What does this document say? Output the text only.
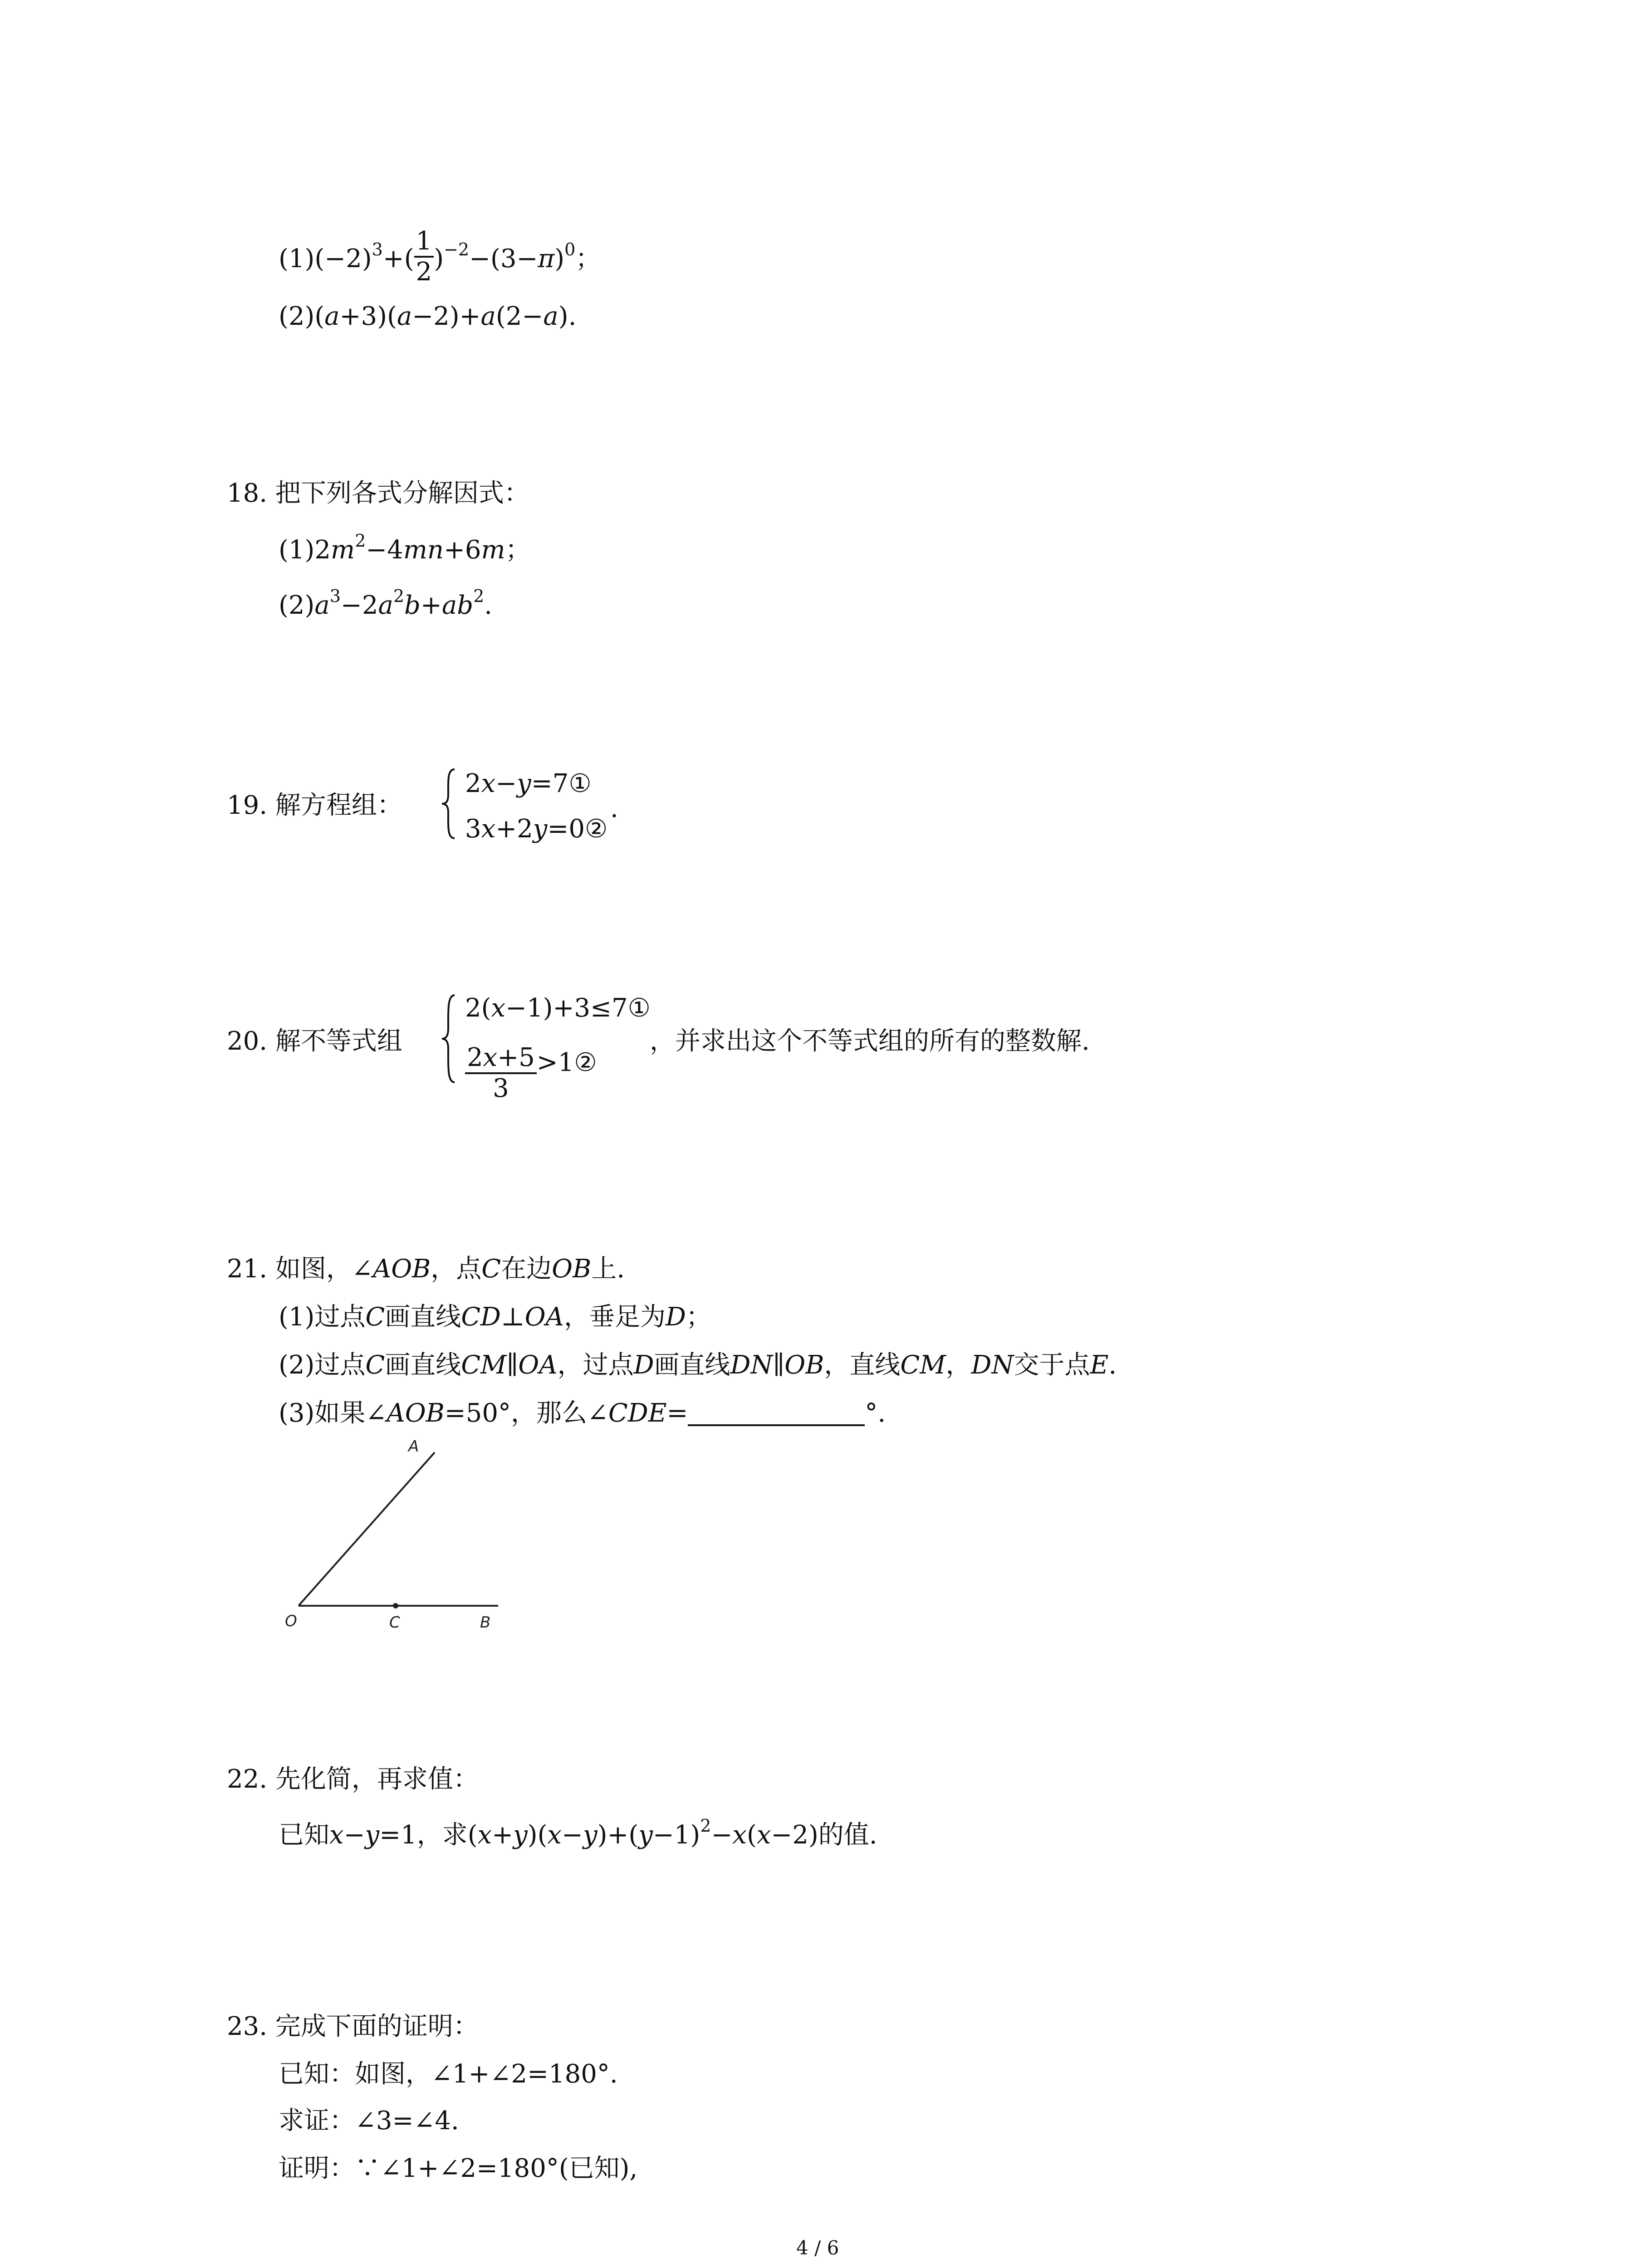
$(1)(-2)^3+( \frac{1}{2} )^{-2}-(3-\pi)^0$；
(2)(a+3)(a−2)+a(2−a).
18. 把下列各式分解因式：
$(1)2m^2-4mn+6m$；
$(2)a^3-2a^2b+ab^2$.
19. 解方程组：
2x−y=7①
3x+2y=0②
.
20. 解不等式组
2(x−1)+3≤7①
$\frac{2x+5}{3}$ >1②
，并求出这个不等式组的所有的整数解.
21. 如图，∠AOB，点C在边OB上.
(1)过点C画直线CD⊥OA，垂足为D；
(2)过点C画直线CM∥OA，过点D画直线DN∥OB，直线CM，DN交于点E.
(3)如果∠AOB=50°，那么∠CDE=	°.
A
O	C	B
22. 先化简，再求值：
已知x−y=1，求$(x+y)(x-y)+(y-1)^2-x(x-2)$的值.
23. 完成下面的证明：
已知：如图，∠1+∠2=180°.
求证：∠3=∠4.
证明：∵∠1+∠2=180°(已知),
4 / 6
